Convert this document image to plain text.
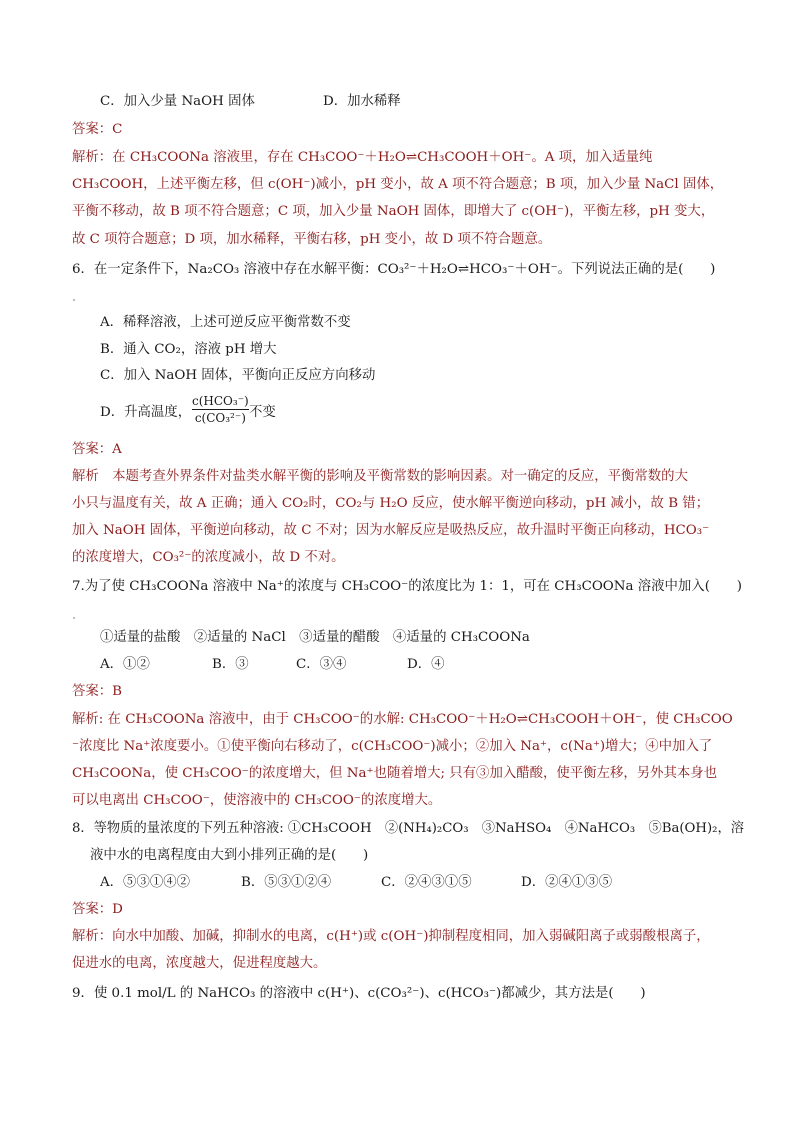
C．加入少量 NaOH 固体	D．加水稀释
答案：C
解析：在 CH₃COONa 溶液里，存在 CH₃COO⁻＋H₂O⇌CH₃COOH＋OH⁻。A 项，加入适量纯
CH₃COOH，上述平衡左移，但 c(OH⁻)减小，pH 变小，故 A 项不符合题意；B 项，加入少量 NaCl 固体，
平衡不移动，故 B 项不符合题意；C 项，加入少量 NaOH 固体，即增大了 c(OH⁻)，平衡左移，pH 变大，
故 C 项符合题意；D 项，加水稀释，平衡右移，pH 变小，故 D 项不符合题意。
6．在一定条件下，Na₂CO₃ 溶液中存在水解平衡：CO₃²⁻＋H₂O⇌HCO₃⁻＋OH⁻。下列说法正确的是(　　)
A．稀释溶液，上述可逆反应平衡常数不变
B．通入 CO₂，溶液 pH 增大
C．加入 NaOH 固体，平衡向正反应方向移动
D．升高温度，
c(HCO₃⁻)
c(CO₃²⁻) 不变
答案：A
解析　本题考查外界条件对盐类水解平衡的影响及平衡常数的影响因素。对一确定的反应，平衡常数的大
小只与温度有关，故 A 正确；通入 CO₂时，CO₂与 H₂O 反应，使水解平衡逆向移动，pH 减小，故 B 错；
加入 NaOH 固体，平衡逆向移动，故 C 不对；因为水解反应是吸热反应，故升温时平衡正向移动，HCO₃⁻
的浓度增大，CO₃²⁻的浓度减小，故 D 不对。
7.为了使 CH₃COONa 溶液中 Na⁺的浓度与 CH₃COO⁻的浓度比为 1：1，可在 CH₃COONa 溶液中加入(　　)
①适量的盐酸　②适量的 NaCl　③适量的醋酸　④适量的 CH₃COONa
A．①②	B．③	C．③④	D．④
答案：B
解析: 在 CH₃COONa 溶液中，由于 CH₃COO⁻的水解: CH₃COO⁻＋H₂O⇌CH₃COOH＋OH⁻，使 CH₃COO
⁻浓度比 Na⁺浓度要小。①使平衡向右移动了，c(CH₃COO⁻)减小；②加入 Na⁺，c(Na⁺)增大；④中加入了
CH₃COONa，使 CH₃COO⁻的浓度增大，但 Na⁺也随着增大; 只有③加入醋酸，使平衡左移，另外其本身也
可以电离出 CH₃COO⁻，使溶液中的 CH₃COO⁻的浓度增大。
8．等物质的量浓度的下列五种溶液: ①CH₃COOH　②(NH₄)₂CO₃　③NaHSO₄　④NaHCO₃　⑤Ba(OH)₂，溶
液中水的电离程度由大到小排列正确的是(　　)
A．⑤③①④②	B．⑤③①②④	C．②④③①⑤	D．②④①③⑤
答案：D
解析：向水中加酸、加碱，抑制水的电离，c(H⁺)或 c(OH⁻)抑制程度相同，加入弱碱阳离子或弱酸根离子，
促进水的电离，浓度越大，促进程度越大。
9．使 0.1 mol/L 的 NaHCO₃ 的溶液中 c(H⁺)、c(CO₃²⁻)、c(HCO₃⁻)都减少，其方法是(　　)
